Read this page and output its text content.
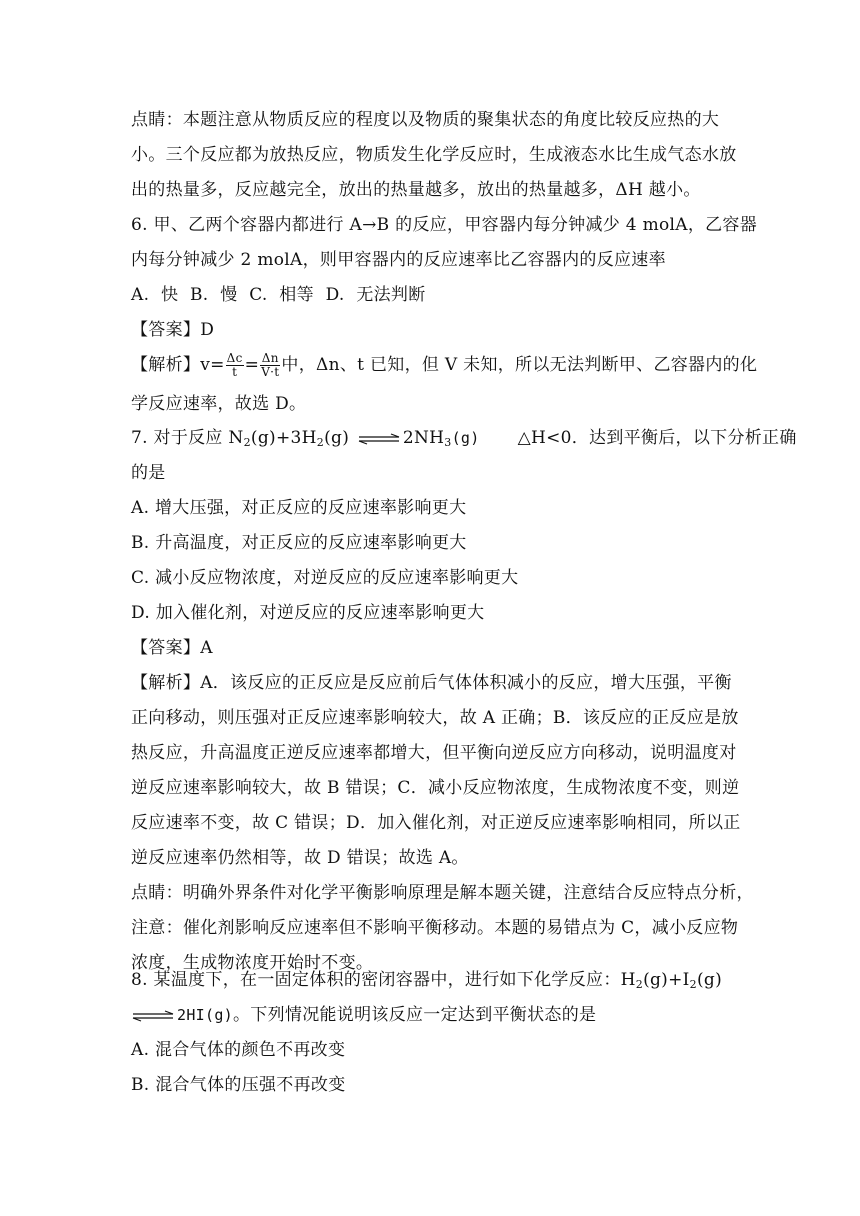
点睛：本题注意从物质反应的程度以及物质的聚集状态的角度比较反应热的大
小。三个反应都为放热反应，物质发生化学反应时，生成液态水比生成气态水放
出的热量多，反应越完全，放出的热量越多，放出的热量越多，ΔH 越小。
6. 甲、乙两个容器内都进行 A→B 的反应，甲容器内每分钟减少 4 molA，乙容器
内每分钟减少 2 molA，则甲容器内的反应速率比乙容器内的反应速率
A. 快 B. 慢 C. 相等 D. 无法判断
【答案】D
【解析】$v= \frac{\Delta c}{t} = \frac{\Delta n}{V\cdot t}$ 中，Δn、t 已知，但 V 未知，所以无法判断甲、乙容器内的化
学反应速率，故选 D。
7. 对于反应 $N_2(g)+3H_2(g)$ ⇌ $2NH_3(g)$ △H<0．达到平衡后，以下分析正确
的是
A. 增大压强，对正反应的反应速率影响更大
B. 升高温度，对正反应的反应速率影响更大
C. 减小反应物浓度，对逆反应的反应速率影响更大
D. 加入催化剂，对逆反应的反应速率影响更大
【答案】A
【解析】A．该反应的正反应是反应前后气体体积减小的反应，增大压强，平衡
正向移动，则压强对正反应速率影响较大，故 A 正确；B．该反应的正反应是放
热反应，升高温度正逆反应速率都增大，但平衡向逆反应方向移动，说明温度对
逆反应速率影响较大，故 B 错误；C．减小反应物浓度，生成物浓度不变，则逆
反应速率不变，故 C 错误；D．加入催化剂，对正逆反应速率影响相同，所以正
逆反应速率仍然相等，故 D 错误；故选 A。
点睛：明确外界条件对化学平衡影响原理是解本题关键，注意结合反应特点分析，
注意：催化剂影响反应速率但不影响平衡移动。本题的易错点为 C，减小反应物
浓度，生成物浓度开始时不变。
8. 某温度下，在一固定体积的密闭容器中，进行如下化学反应：$H_2(g)+I_2(g)$
⇌ 2HI(g)。下列情况能说明该反应一定达到平衡状态的是
A. 混合气体的颜色不再改变
B. 混合气体的压强不再改变
